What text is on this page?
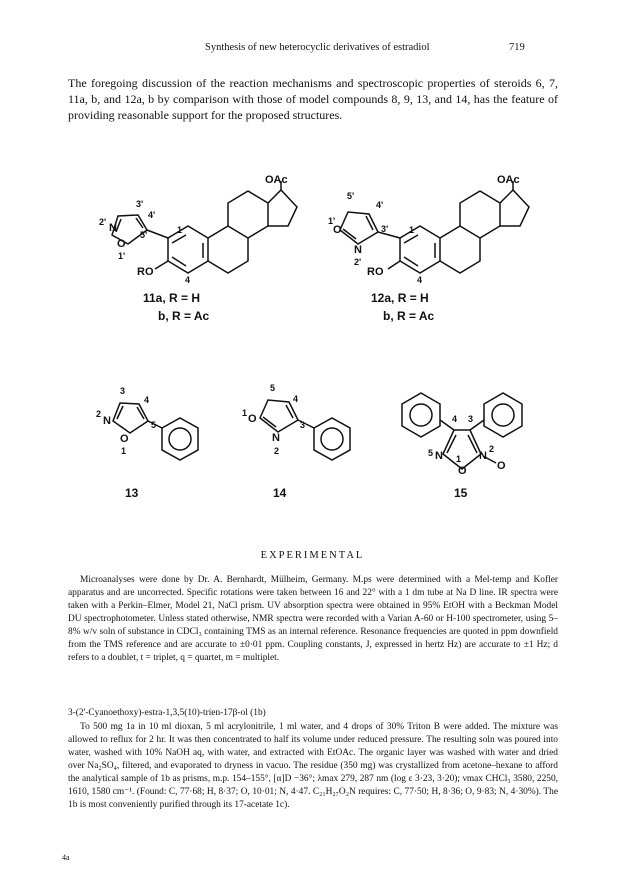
Synthesis of new heterocyclic derivatives of estradiol	719
The foregoing discussion of the reaction mechanisms and spectroscopic properties of steroids 6, 7, 11a, b, and 12a, b by comparison with those of model compounds 8, 9, 13, and 14, has the feature of providing reasonable support for the proposed structures.
OAc
RO
3'
4'
2' N
5'
O
1'
1
4
11a, R = H
b, R = Ac
OAc
RO
5'
4'
1'
O	3'
N
2'
1
4
12a, R = H
b, R = Ac
3
4
2
N	5
O
1
13
5
4
1 O	3
N
2
14
4 3
5 N 1
O
N
2
O
15
EXPERIMENTAL
Microanalyses were done by Dr. A. Bernhardt, Mülheim, Germany. M.ps were determined with a Mel-temp and Kofler apparatus and are uncorrected. Specific rotations were taken between 16 and 22° with a 1 dm tube at Na D line. IR spectra were taken with a Perkin–Elmer, Model 21, NaCl prism. UV absorption spectra were obtained in 95% EtOH with a Beckman Model DU spectrophotometer. Unless stated otherwise, NMR spectra were recorded with a Varian A-60 or H-100 spectrometer, using 5–8% w/v soln of substance in CDCl₃ containing TMS as an internal reference. Resonance frequencies are quoted in ppm downfield from the TMS reference and are accurate to ±0·01 ppm. Coupling constants, J, expressed in hertz Hz) are accurate to ±1 Hz; d refers to a doublet, t = triplet, q = quartet, m = multiplet.
3-(2'-Cyanoethoxy)-estra-1,3,5(10)-trien-17β-ol (1b)
To 500 mg 1a in 10 ml dioxan, 5 ml acrylonitrile, 1 ml water, and 4 drops of 30% Triton B were added. The mixture was allowed to reflux for 2 hr. It was then concentrated to half its volume under reduced pressure. The resulting soln was poured into water, washed with 10% NaOH aq, with water, and extracted with EtOAc. The organic layer was washed with water and dried over Na₂SO₄, filtered, and evaporated to dryness in vacuo. The residue (350 mg) was crystallized from acetone–hexane to afford the analytical sample of 1b as prisms, m.p. 154–155°, [α]D −36°; λmax 279, 287 nm (log ε 3·23, 3·20); νmax CHCl₃ 3580, 2250, 1610, 1580 cm⁻¹. (Found: C, 77·68; H, 8·37; O, 10·01; N, 4·47. C₂₁H₂₇O₂N requires: C, 77·50; H, 8·36; O, 9·83; N, 4·30%). The 1b is most conveniently purified through its 17-acetate 1c).
4a
